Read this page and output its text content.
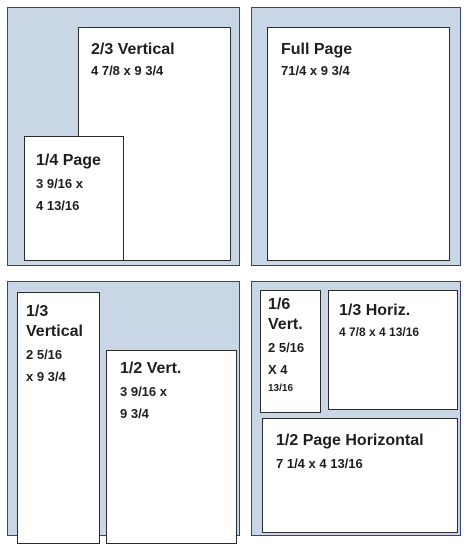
2/3 Vertical
4 7/8 x 9 3/4
1/4 Page
3 9/16 x
4 13/16
Full Page
71/4 x 9 3/4
1/3
Vertical
2 5/16
x 9 3/4	1/2 Vert.
3 9/16 x
9 3/4
1/6
Vert.
2 5/16
X 4
13/16
1/3 Horiz.
4 7/8 x 4 13/16
1/2 Page Horizontal
7 1/4 x 4 13/16
